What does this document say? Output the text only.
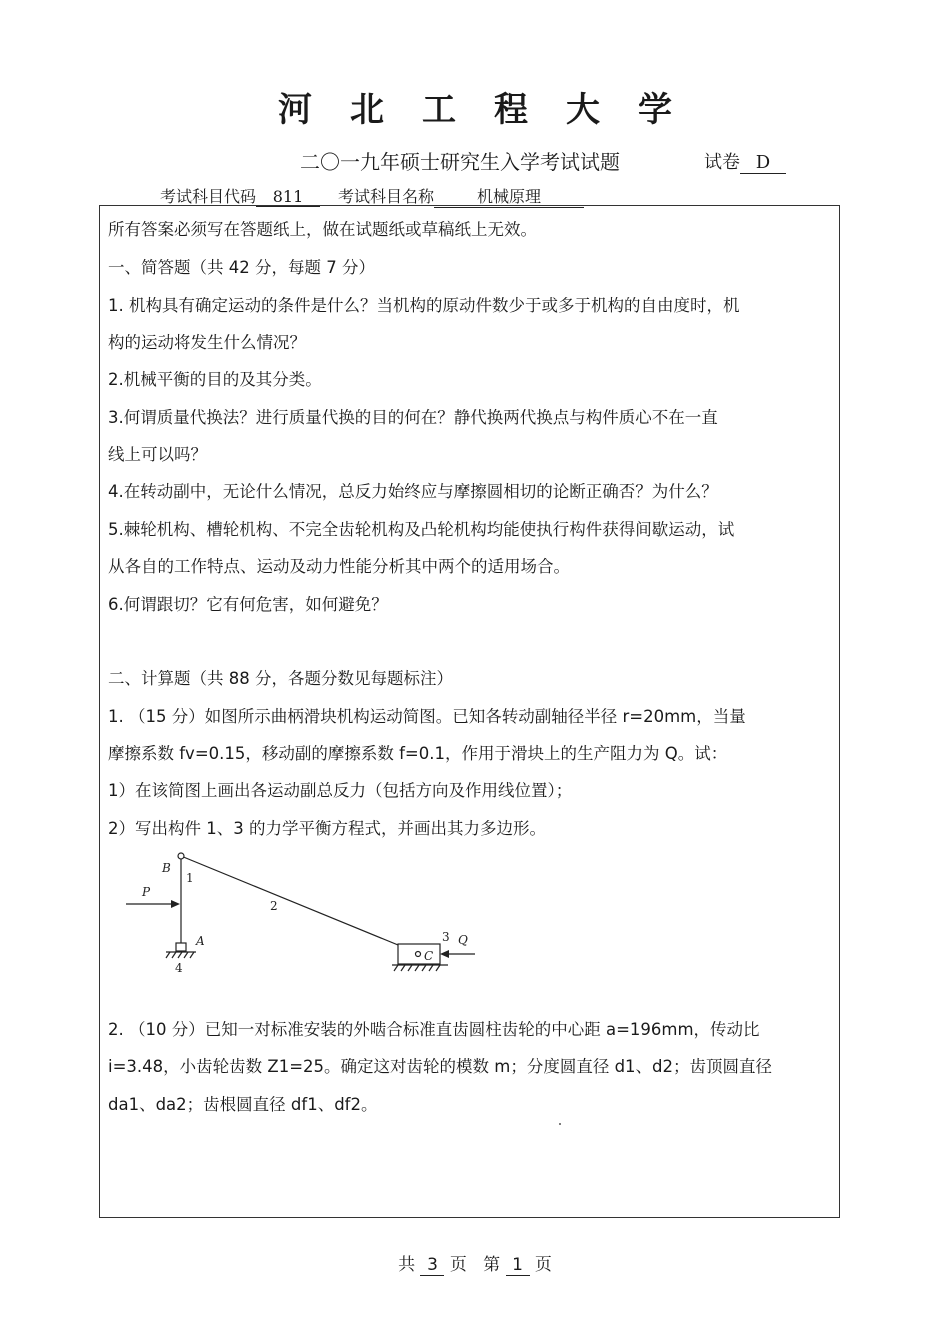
河北工程大学
二〇一九年硕士研究生入学考试试题	试卷 D
考试科目代码 811 考试科目名称	机械原理
所有答案必须写在答题纸上，做在试题纸或草稿纸上无效。
一、简答题（共 42 分，每题 7 分）
1. 机构具有确定运动的条件是什么？当机构的原动件数少于或多于机构的自由度时，机
构的运动将发生什么情况？
2.机械平衡的目的及其分类。
3.何谓质量代换法？进行质量代换的目的何在？静代换两代换点与构件质心不在一直
线上可以吗？
4.在转动副中，无论什么情况，总反力始终应与摩擦圆相切的论断正确否？为什么？
5.棘轮机构、槽轮机构、不完全齿轮机构及凸轮机构均能使执行构件获得间歇运动，试
从各自的工作特点、运动及动力性能分析其中两个的适用场合。
6.何谓跟切？它有何危害，如何避免？
二、计算题（共 88 分，各题分数见每题标注）
1. （15 分）如图所示曲柄滑块机构运动简图。已知各转动副轴径半径 r=20mm，当量
摩擦系数 fv=0.15，移动副的摩擦系数 f=0.1，作用于滑块上的生产阻力为 Q。试：
1）在该简图上画出各运动副总反力（包括方向及作用线位置）；
2）写出构件 1、3 的力学平衡方程式，并画出其力多边形。
B
A
C
P
Q
1
2
3
4
2. （10 分）已知一对标准安装的外啮合标准直齿圆柱齿轮的中心距 a=196mm，传动比
i=3.48，小齿轮齿数 Z1=25。确定这对齿轮的模数 m；分度圆直径 d1、d2；齿顶圆直径
da1、da2；齿根圆直径 df1、df2。
共 3 页 第 1 页
